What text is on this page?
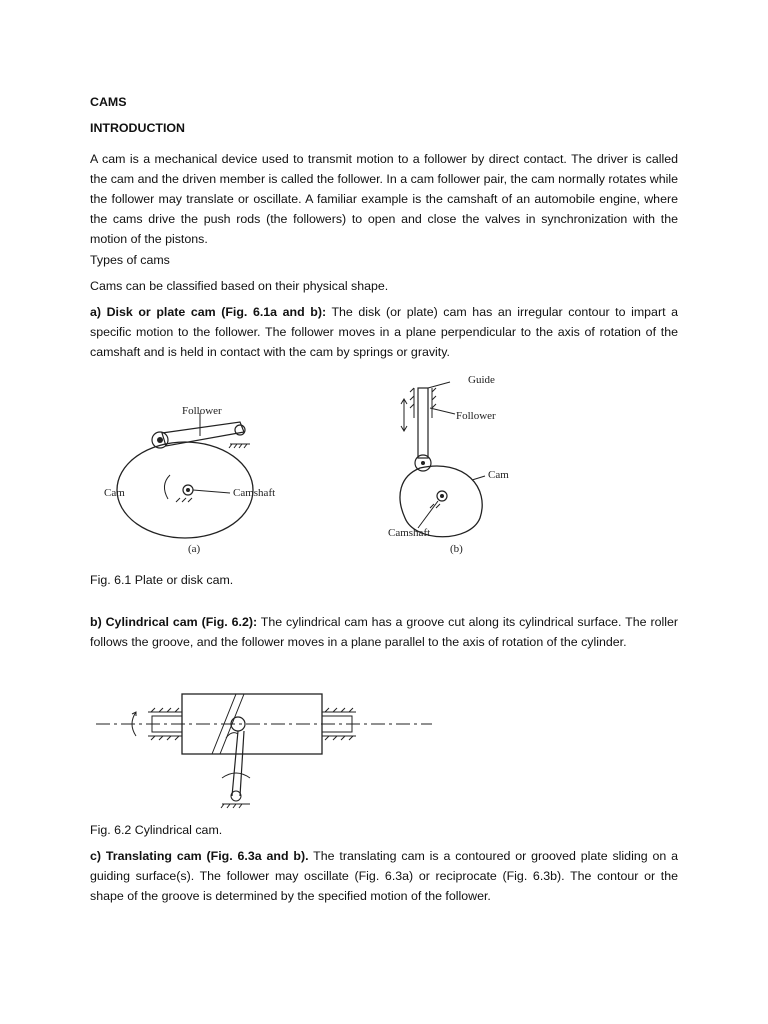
CAMS
INTRODUCTION

A cam is a mechanical device used to transmit motion to a follower by direct contact. The driver is called the cam and the driven member is called the follower. In a cam follower pair, the cam normally rotates while the follower may translate or oscillate. A familiar example is the camshaft of an automobile engine, where the cams drive the push rods (the followers) to open and close the valves in synchronization with the motion of the pistons.

Types of cams
Cams can be classified based on their physical shape.

a) Disk or plate cam (Fig. 6.1a and b): The disk (or plate) cam has an irregular contour to impart a specific motion to the follower. The follower moves in a plane perpendicular to the axis of rotation of the camshaft and is held in contact with the cam by springs or gravity.

Follower
Cam	Camshaft
(a)
Guide
Follower
Cam
Camshaft
(b)
Fig. 6.1 Plate or disk cam.

b) Cylindrical cam (Fig. 6.2): The cylindrical cam has a groove cut along its cylindrical surface. The roller follows the groove, and the follower moves in a plane parallel to the axis of rotation of the cylinder.

Fig. 6.2 Cylindrical cam.

c) Translating cam (Fig. 6.3a and b). The translating cam is a contoured or grooved plate sliding on a guiding surface(s). The follower may oscillate (Fig. 6.3a) or reciprocate (Fig. 6.3b). The contour or the shape of the groove is determined by the specified motion of the follower.
